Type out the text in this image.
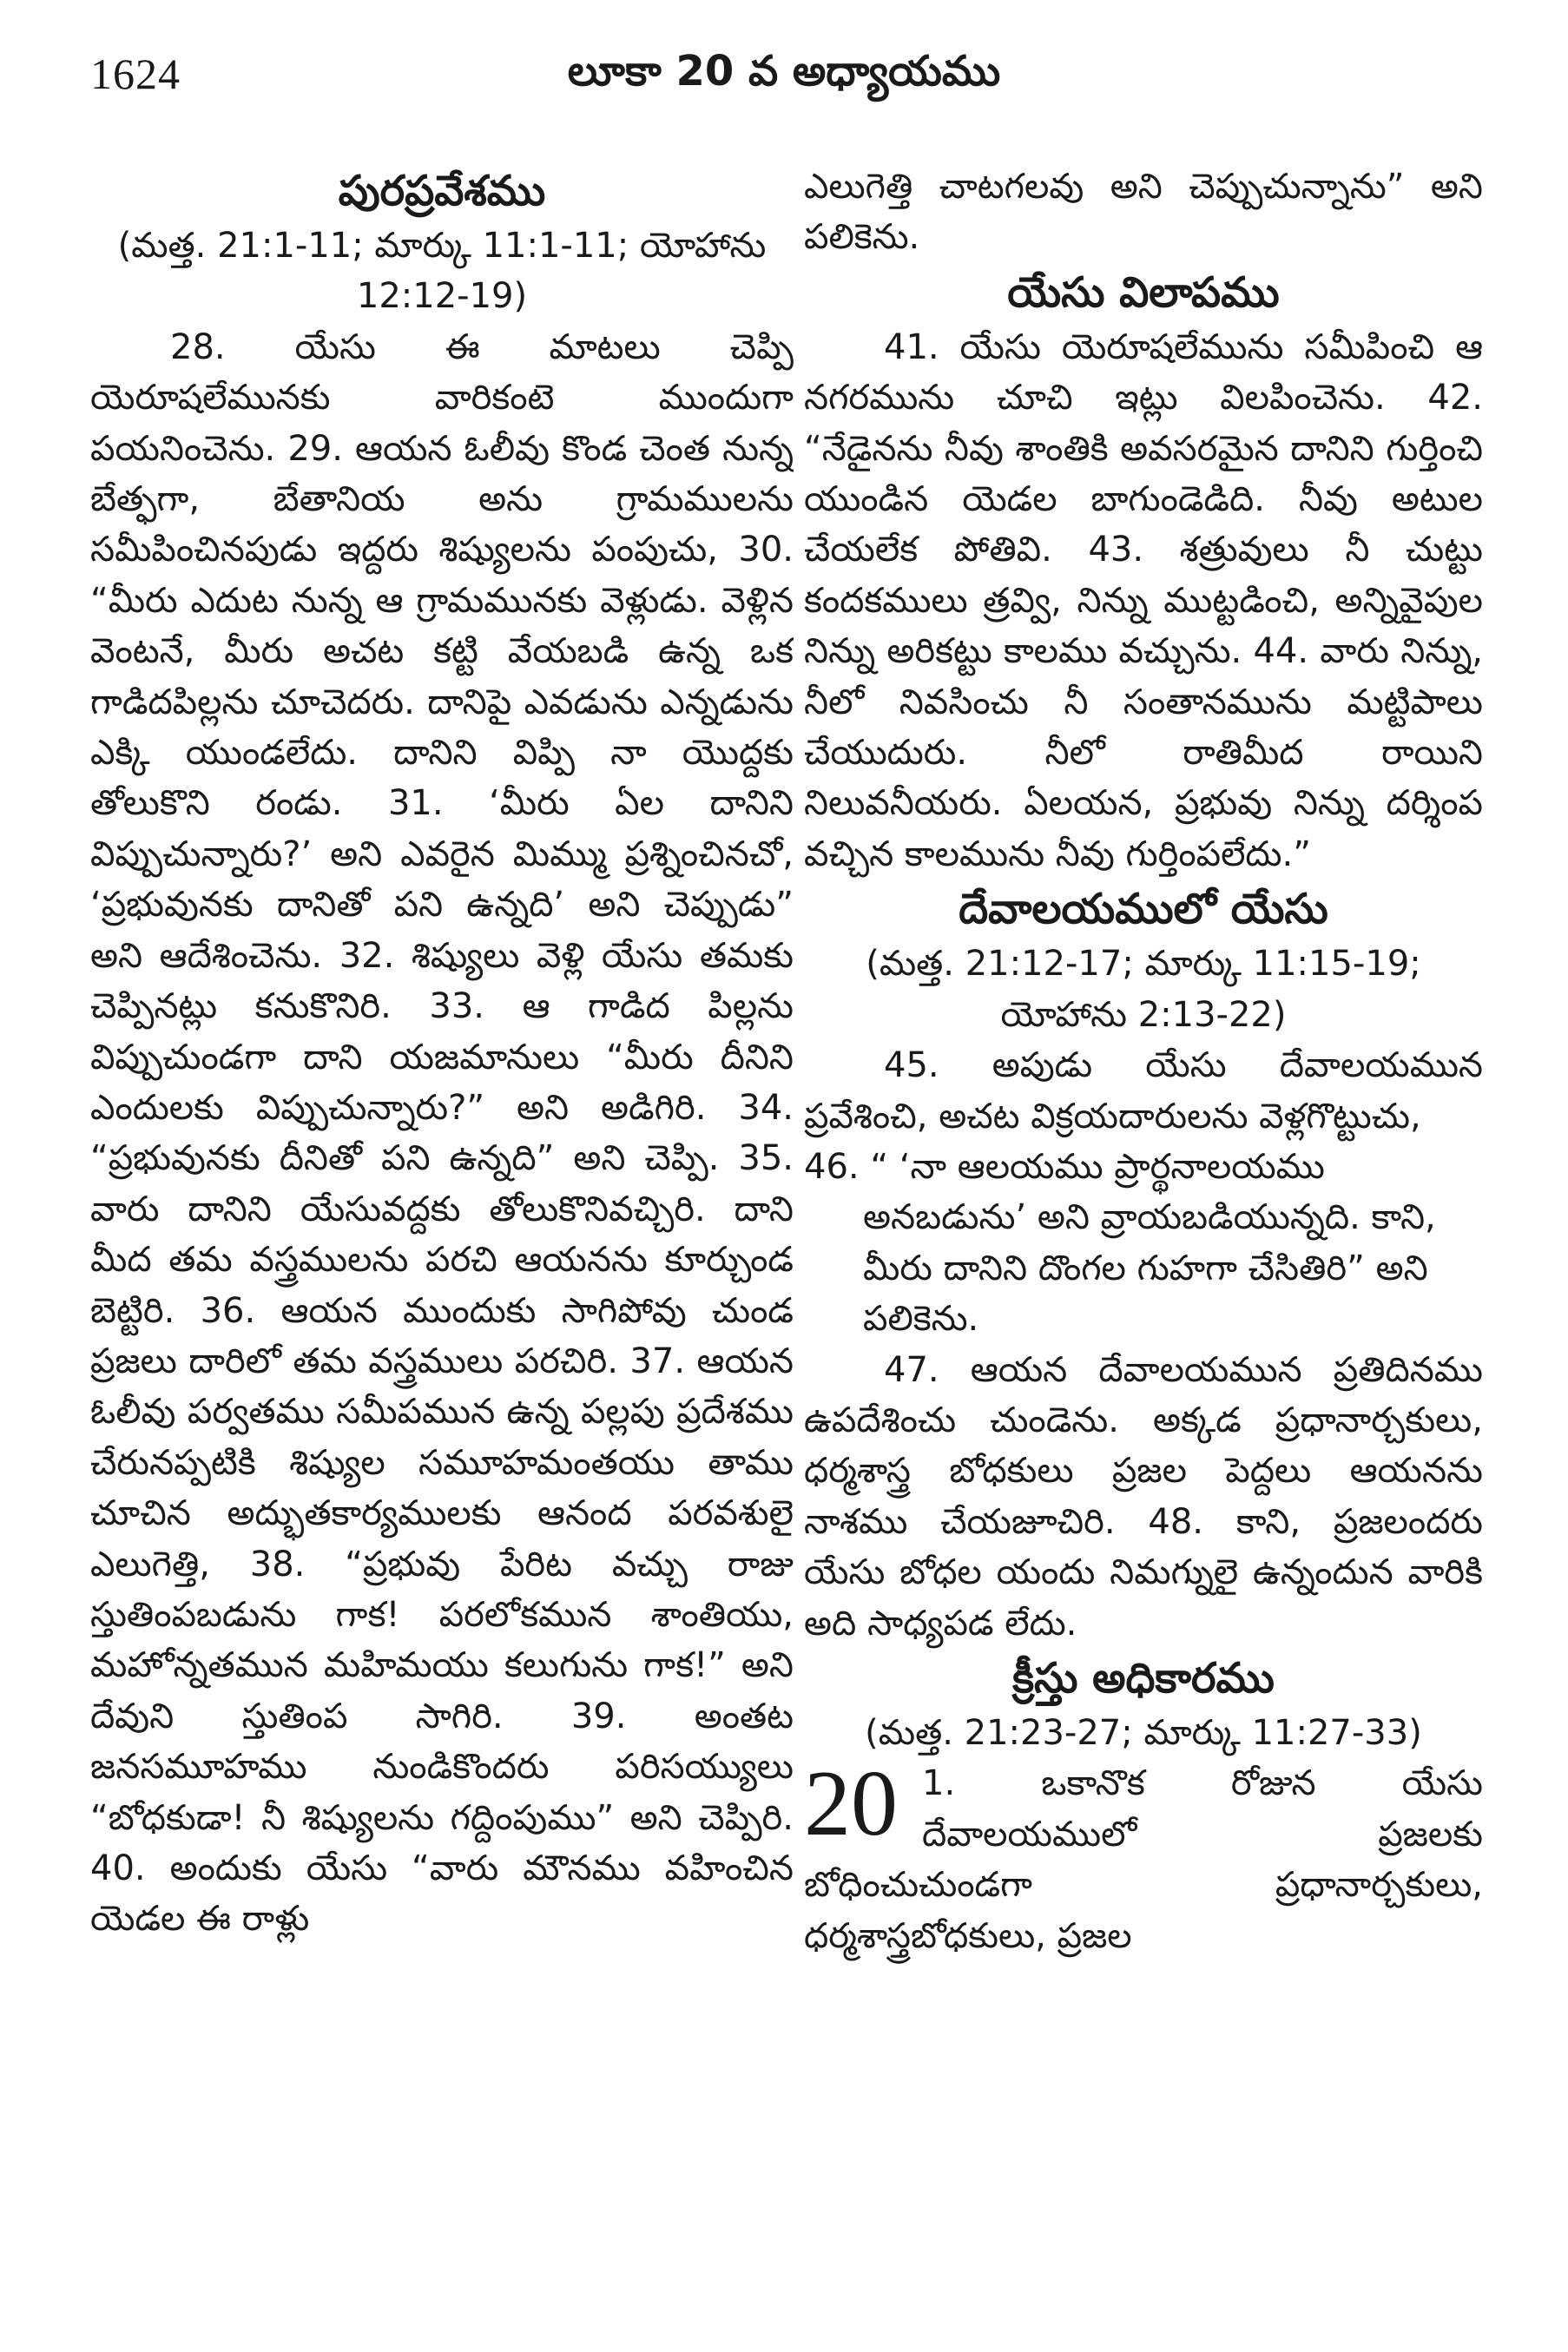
1624	లూకా 20 వ అధ్యాయము
పురప్రవేశము

(మత్త. 21:1-11; మార్కు 11:1-11; యోహాను 12:12-19)

28. యేసు ఈ మాటలు చెప్పి యెరూషలేమునకు వారికంటె ముందుగా పయనించెను. 29. ఆయన ఓలీవు కొండ చెంత నున్న బేత్ఫగా, బేతానియ అను గ్రామములను సమీపించినపుడు ఇద్దరు శిష్యులను పంపుచు, 30. “మీరు ఎదుట నున్న ఆ గ్రామమునకు వెళ్లుడు. వెళ్లిన వెంటనే, మీరు అచట కట్టి వేయబడి ఉన్న ఒక గాడిదపిల్లను చూచెదరు. దానిపై ఎవడును ఎన్నడును ఎక్కి యుండలేదు. దానిని విప్పి నా యొద్దకు తోలుకొని రండు. 31. ‘మీరు ఏల దానిని విప్పుచున్నారు?’ అని ఎవరైన మిమ్ము ప్రశ్నించినచో, ‘ప్రభువునకు దానితో పని ఉన్నది’ అని చెప్పుడు” అని ఆదేశించెను. 32. శిష్యులు వెళ్లి యేసు తమకు చెప్పినట్లు కనుకొనిరి. 33. ఆ గాడిద పిల్లను విప్పుచుండగా దాని యజమానులు “మీరు దీనిని ఎందులకు విప్పుచున్నారు?” అని అడిగిరి. 34. “ప్రభువునకు దీనితో పని ఉన్నది” అని చెప్పి. 35. వారు దానిని యేసువద్దకు తోలుకొనివచ్చిరి. దాని మీద తమ వస్త్రములను పరచి ఆయనను కూర్చుండ బెట్టిరి. 36. ఆయన ముందుకు సాగిపోవు చుండ ప్రజలు దారిలో తమ వస్త్రములు పరచిరి. 37. ఆయన ఓలీవు పర్వతము సమీపమున ఉన్న పల్లపు ప్రదేశము చేరునప్పటికి శిష్యుల సమూహమంతయు తాము చూచిన అద్భుతకార్యములకు ఆనంద పరవశులై ఎలుగెత్తి, 38. “ప్రభువు పేరిట వచ్చు రాజు స్తుతింపబడును గాక! పరలోకమున శాంతియు, మహోన్నతమున మహిమయు కలుగును గాక!” అని దేవుని స్తుతింప సాగిరి. 39. అంతట జనసమూహము నుండికొందరు పరిసయ్యులు “బోధకుడా! నీ శిష్యులను గద్దింపుము” అని చెప్పిరి. 40. అందుకు యేసు “వారు మౌనము వహించిన యెడల ఈ రాళ్లు

ఎలుగెత్తి చాటగలవు అని చెప్పుచున్నాను” అని పలికెను.

యేసు విలాపము

41. యేసు యెరూషలేమును సమీపించి ఆ నగరమును చూచి ఇట్లు విలపించెను. 42. “నేడైనను నీవు శాంతికి అవసరమైన దానిని గుర్తించి యుండిన యెడల బాగుండెడిది. నీవు అటుల చేయలేక పోతివి. 43. శత్రువులు నీ చుట్టు కందకములు త్రవ్వి, నిన్ను ముట్టడించి, అన్నివైపుల నిన్ను అరికట్టు కాలము వచ్చును. 44. వారు నిన్ను, నీలో నివసించు నీ సంతానమును మట్టిపాలు చేయుదురు. నీలో రాతిమీద రాయిని నిలువనీయరు. ఏలయన, ప్రభువు నిన్ను దర్శింప వచ్చిన కాలమును నీవు గుర్తింపలేదు.”

దేవాలయములో యేసు

(మత్త. 21:12-17; మార్కు 11:15-19; యోహాను 2:13-22)

45. అపుడు యేసు దేవాలయమున ప్రవేశించి, అచట విక్రయదారులను వెళ్లగొట్టుచు,

46. “ ‘నా ఆలయము ప్రార్థనాలయము అనబడును’ అని వ్రాయబడియున్నది. కాని, మీరు దానిని దొంగల గుహగా చేసితిరి” అని పలికెను.

47. ఆయన దేవాలయమున ప్రతిదినము ఉపదేశించు చుండెను. అక్కడ ప్రధానార్చకులు, ధర్మశాస్త్ర బోధకులు ప్రజల పెద్దలు ఆయనను నాశము చేయజూచిరి. 48. కాని, ప్రజలందరు యేసు బోధల యందు నిమగ్నులై ఉన్నందున వారికి అది సాధ్యపడ లేదు.

క్రీస్తు అధికారము

(మత్త. 21:23-27; మార్కు 11:27-33)

20 1. ఒకానొక రోజున యేసు దేవాలయములో ప్రజలకు బోధించుచుండగా ప్రధానార్చకులు, ధర్మశాస్త్రబోధకులు, ప్రజల
